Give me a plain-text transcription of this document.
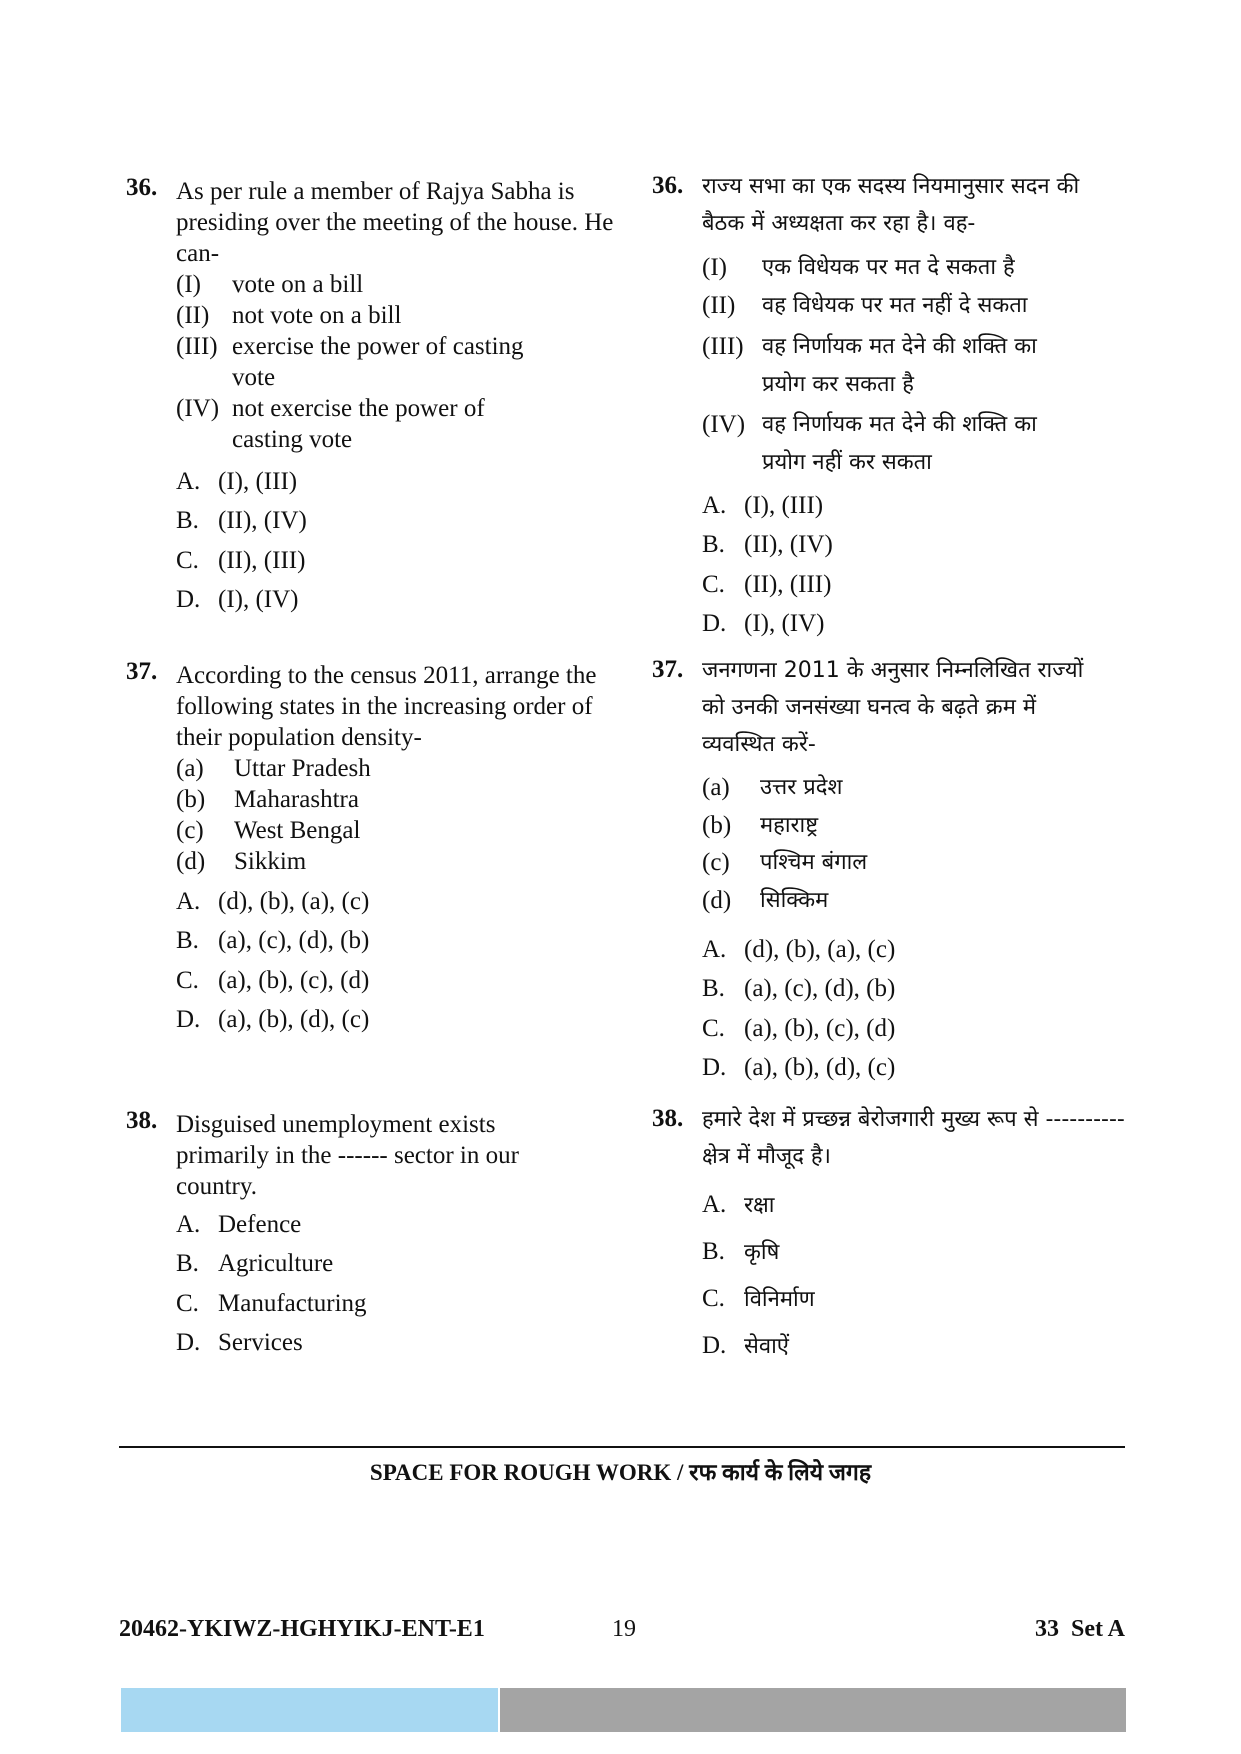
36. As per rule a member of Rajya Sabha is presiding over the meeting of the house. He can-
(I)	vote on a bill
(II) not vote on a bill
(III) exercise the power of casting vote
(IV) not exercise the power of casting vote
A. (I), (III)
B. (II), (IV)
C. (II), (III)
D. (I), (IV)
37. According to the census 2011, arrange the following states in the increasing order of their population density-
(a)	Uttar Pradesh
(b)	Maharashtra
(c)	West Bengal
(d)	Sikkim
A. (d), (b), (a), (c)
B. (a), (c), (d), (b)
C. (a), (b), (c), (d)
D. (a), (b), (d), (c)
38. Disguised unemployment exists primarily in the ------ sector in our country.
A. Defence
B. Agriculture
C. Manufacturing
D. Services
36. राज्य सभा का एक सदस्य नियमानुसार सदन की बैठक में अध्यक्षता कर रहा है। वह-
(I)	एक विधेयक पर मत दे सकता है
(II)	वह विधेयक पर मत नहीं दे सकता
(III) वह निर्णायक मत देने की शक्ति का प्रयोग कर सकता है
(IV) वह निर्णायक मत देने की शक्ति का प्रयोग नहीं कर सकता
A. (I), (III)
B. (II), (IV)
C. (II), (III)
D. (I), (IV)
37. जनगणना 2011 के अनुसार निम्नलिखित राज्यों को उनकी जनसंख्या घनत्व के बढ़ते क्रम में व्यवस्थित करें-
(a)	उत्तर प्रदेश
(b)	महाराष्ट्र
(c)	पश्चिम बंगाल
(d)	सिक्किम
A. (d), (b), (a), (c)
B. (a), (c), (d), (b)
C. (a), (b), (c), (d)
D. (a), (b), (d), (c)
38. हमारे देश में प्रच्छन्न बेरोजगारी मुख्य रूप से ---------- क्षेत्र में मौजूद है।
A. रक्षा
B. कृषि
C. विनिर्माण
D. सेवाऐं
SPACE FOR ROUGH WORK / रफ कार्य के लिये जगह
20462-YKIWZ-HGHYIKJ-ENT-E1	19	33  Set A
